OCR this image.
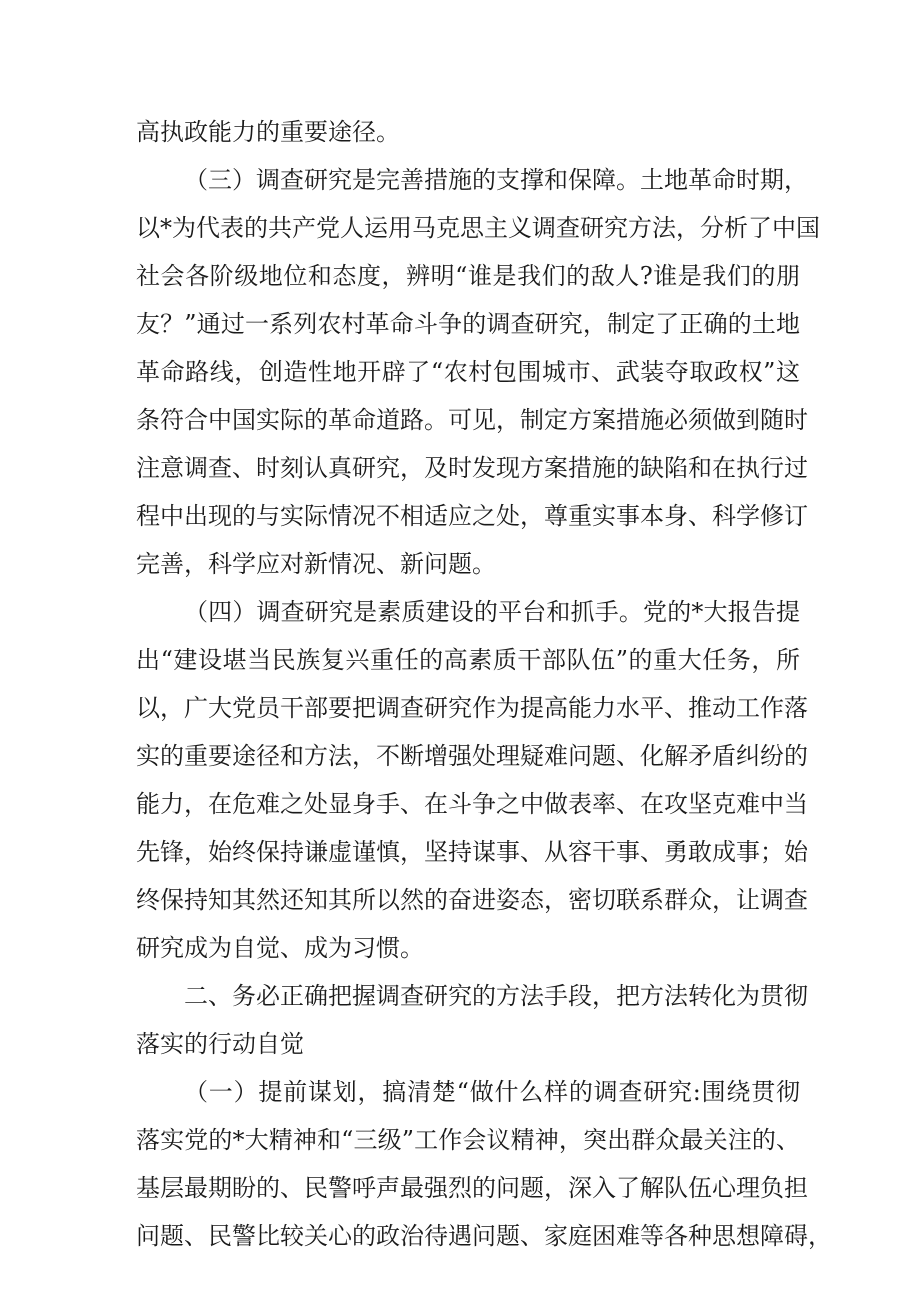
高执政能力的重要途径。
（三）调查研究是完善措施的支撑和保障。土地革命时期，
以*为代表的共产党人运用马克思主义调查研究方法，分析了中国
社会各阶级地位和态度，辨明“谁是我们的敌人?谁是我们的朋
友？”通过一系列农村革命斗争的调查研究，制定了正确的土地
革命路线，创造性地开辟了“农村包围城市、武装夺取政权”这
条符合中国实际的革命道路。可见，制定方案措施必须做到随时
注意调查、时刻认真研究，及时发现方案措施的缺陷和在执行过
程中出现的与实际情况不相适应之处，尊重实事本身、科学修订
完善，科学应对新情况、新问题。
（四）调查研究是素质建设的平台和抓手。党的*大报告提
出“建设堪当民族复兴重任的高素质干部队伍”的重大任务，所
以，广大党员干部要把调查研究作为提高能力水平、推动工作落
实的重要途径和方法，不断增强处理疑难问题、化解矛盾纠纷的
能力，在危难之处显身手、在斗争之中做表率、在攻坚克难中当
先锋，始终保持谦虚谨慎，坚持谋事、从容干事、勇敢成事；始
终保持知其然还知其所以然的奋进姿态，密切联系群众，让调查
研究成为自觉、成为习惯。
二、务必正确把握调查研究的方法手段，把方法转化为贯彻
落实的行动自觉
（一）提前谋划，搞清楚“做什么样的调查研究:围绕贯彻
落实党的*大精神和“三级”工作会议精神，突出群众最关注的、
基层最期盼的、民警呼声最强烈的问题，深入了解队伍心理负担
问题、民警比较关心的政治待遇问题、家庭困难等各种思想障碍，
